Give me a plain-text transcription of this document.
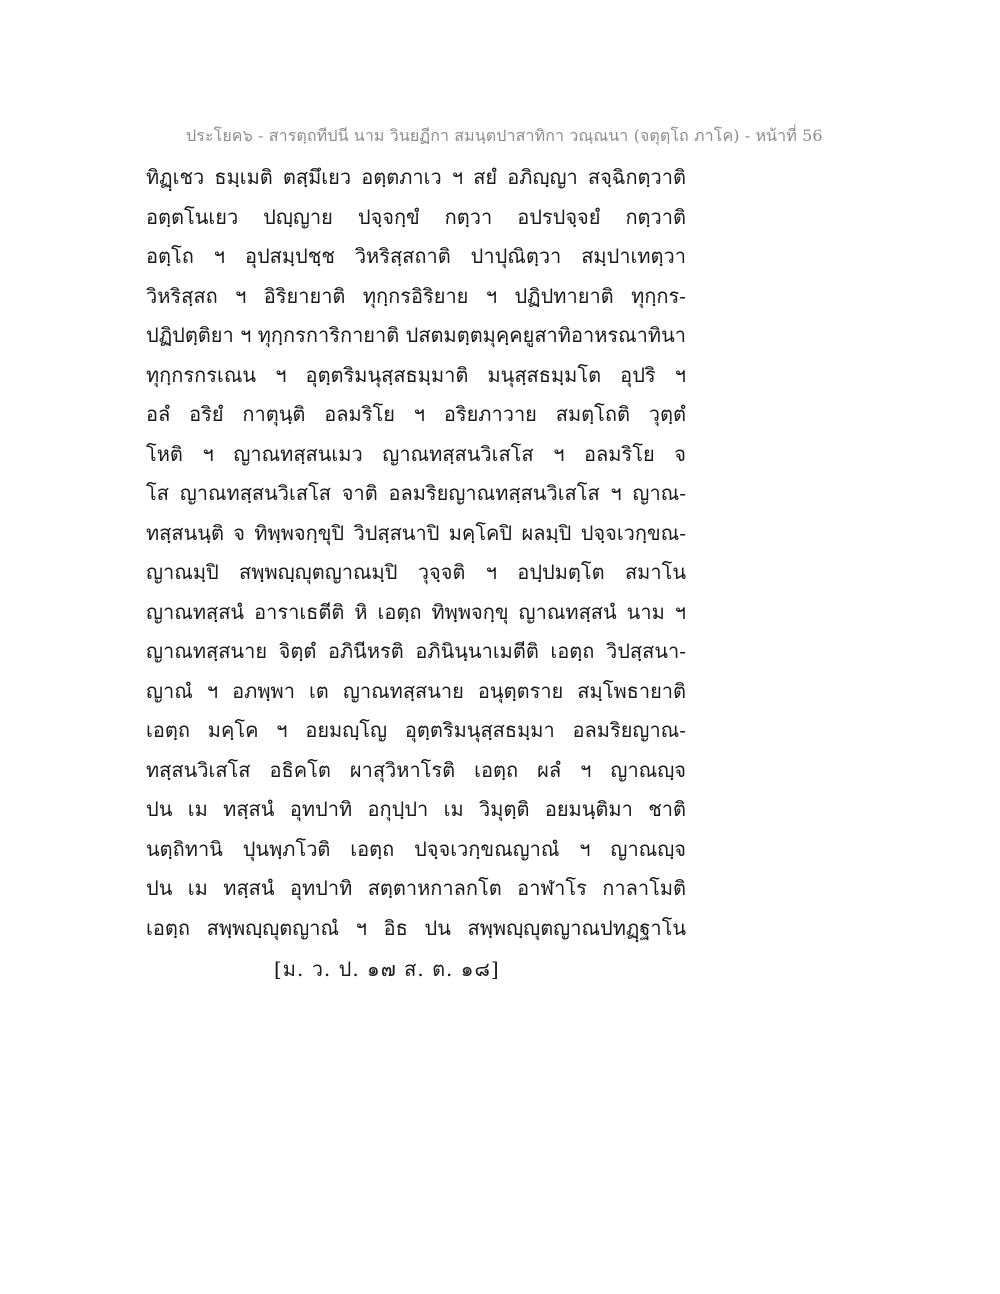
ประโยค๖ - สารตฺถทีปนี นาม วินยฏีกา สมนฺตปาสาทิกา วณฺณนา (จตุตฺโถ ภาโค) - หน้าที่ 56
ทิฏฺเชว ธมฺเมติ ตสฺมึเยว อตฺตภาเว ฯ สยํ อภิญฺญา สจฺฉิกตฺวาติ
อตฺตโนเยว ปญฺญาย ปจฺจกฺขํ กตฺวา อปรปจฺจยํ กตฺวาติ
อตฺโถ ฯ อุปสมฺปชฺช วิหริสฺสถาติ ปาปุณิตฺวา สมฺปาเทตฺวา
วิหริสฺสถ ฯ อิริยายาติ ทุกฺกรอิริยาย ฯ ปฏิปทายาติ ทุกฺกร-
ปฏิปตฺติยา ฯ ทุกฺกรการิกายาติ ปสตมตฺตมุคฺคยูสาทิอาหรณาทินา
ทุกฺกรกรเณน ฯ อุตฺตริมนุสฺสธมฺมาติ มนุสฺสธมฺมโต อุปริ ฯ
อลํ อริยํ กาตุนฺติ อลมริโย ฯ อริยภาวาย สมตฺโถติ วุตฺตํ
โหติ ฯ ญาณทสฺสนเมว ญาณทสฺสนวิเสโส ฯ อลมริโย จ
โส ญาณทสฺสนวิเสโส จาติ อลมริยญาณทสฺสนวิเสโส ฯ ญาณ-
ทสฺสนนฺติ จ ทิพฺพจกฺขุปิ วิปสฺสนาปิ มคฺโคปิ ผลมฺปิ ปจฺจเวกฺขณ-
ญาณมฺปิ สพฺพญฺญุตญาณมฺปิ วุจฺจติ ฯ อปฺปมตฺโต สมาโน
ญาณทสฺสนํ อาราเธตีติ หิ เอตฺถ ทิพฺพจกฺขุ ญาณทสฺสนํ นาม ฯ
ญาณทสฺสนาย จิตฺตํ อภินีหรติ อภินินฺนาเมตีติ เอตฺถ วิปสฺสนา-
ญาณํ ฯ อภพฺพา เต ญาณทสฺสนาย อนุตฺตราย สมฺโพธายาติ
เอตฺถ มคฺโค ฯ อยมญฺโญ อุตฺตริมนุสฺสธมฺมา อลมริยญาณ-
ทสฺสนวิเสโส อธิคโต ผาสุวิหาโรติ เอตฺถ ผลํ ฯ ญาณญฺจ
ปน เม ทสฺสนํ อุทปาทิ อกุปฺปา เม วิมุตฺติ อยมนฺติมา ชาติ
นตฺถิทานิ ปุนพฺภโวติ เอตฺถ ปจฺจเวกฺขณญาณํ ฯ ญาณญฺจ
ปน เม ทสฺสนํ อุทปาทิ สตฺตาหกาลกโต อาฬาโร กาลาโมติ
เอตฺถ สพฺพญฺญุตญาณํ ฯ อิธ ปน สพฺพญฺญุตญาณปทฏฺฐาโน
[ม. ว. ป. ๑๗ ส. ต. ๑๘]
